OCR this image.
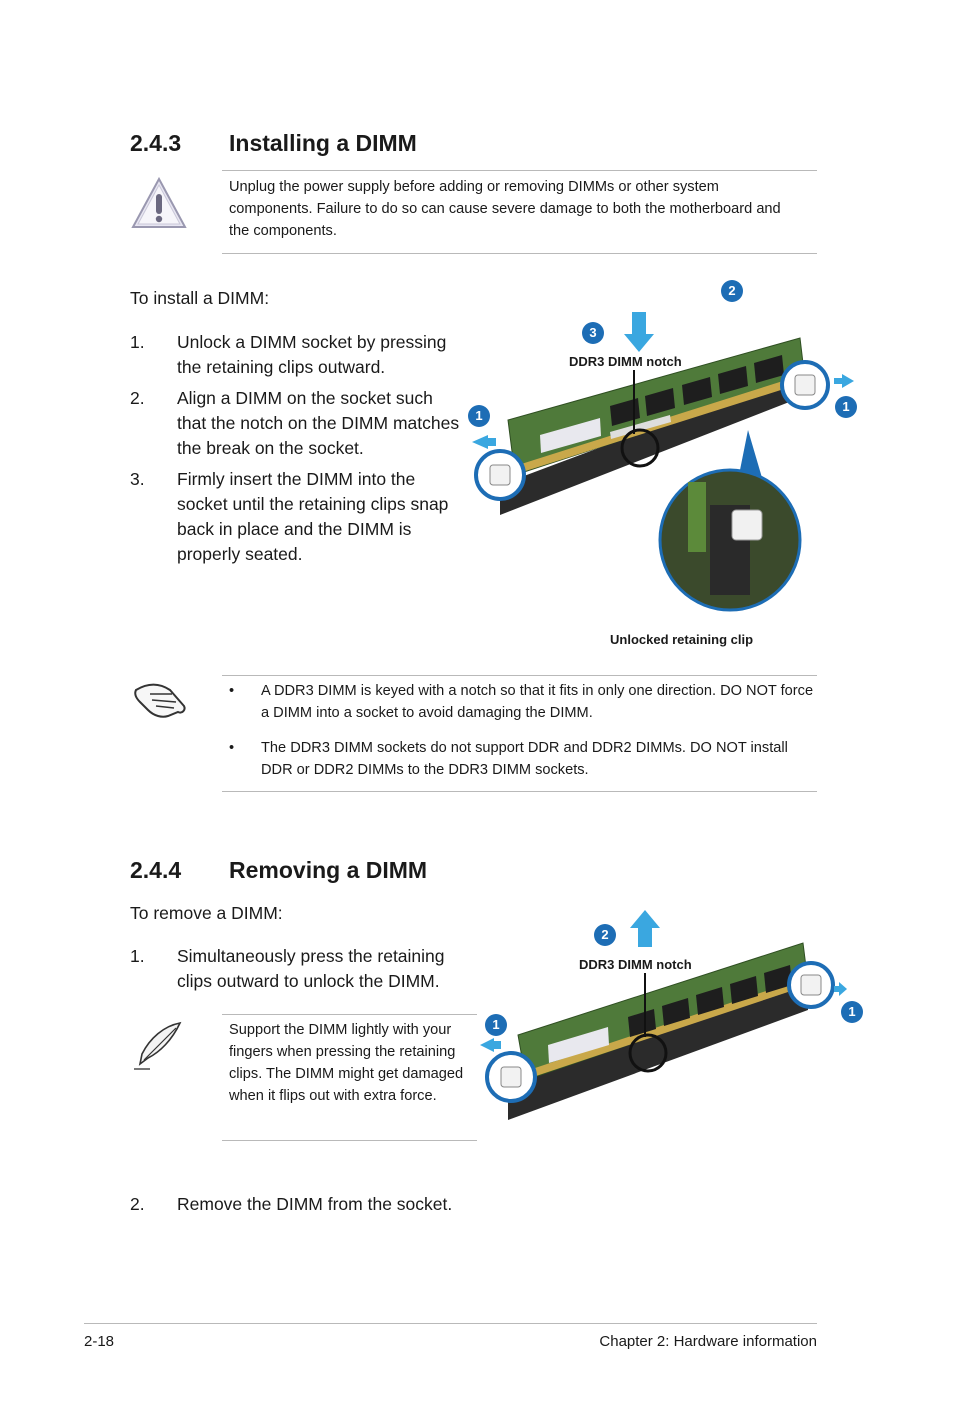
2.4.3 Installing a DIMM
Unplug the power supply before adding or removing DIMMs or other system components. Failure to do so can cause severe damage to both the motherboard and the components.
To install a DIMM:
1. Unlock a DIMM socket by pressing the retaining clips outward.
2. Align a DIMM on the socket such that the notch on the DIMM matches the break on the socket.
3. Firmly insert the DIMM into the socket until the retaining clips snap back in place and the DIMM is properly seated.
2
3
1
1
DDR3 DIMM notch
Unlocked retaining clip
• A DDR3 DIMM is keyed with a notch so that it fits in only one direction. DO NOT force a DIMM into a socket to avoid damaging the DIMM.
• The DDR3 DIMM sockets do not support DDR and DDR2 DIMMs. DO NOT install DDR or DDR2 DIMMs to the DDR3 DIMM sockets.
2.4.4 Removing a DIMM
To remove a DIMM:
1. Simultaneously press the retaining clips outward to unlock the DIMM.
Support the DIMM lightly with your fingers when pressing the retaining clips. The DIMM might get damaged when it flips out with extra force.
2. Remove the DIMM from the socket.
2
1
1
DDR3 DIMM notch
2-18	Chapter 2: Hardware information
